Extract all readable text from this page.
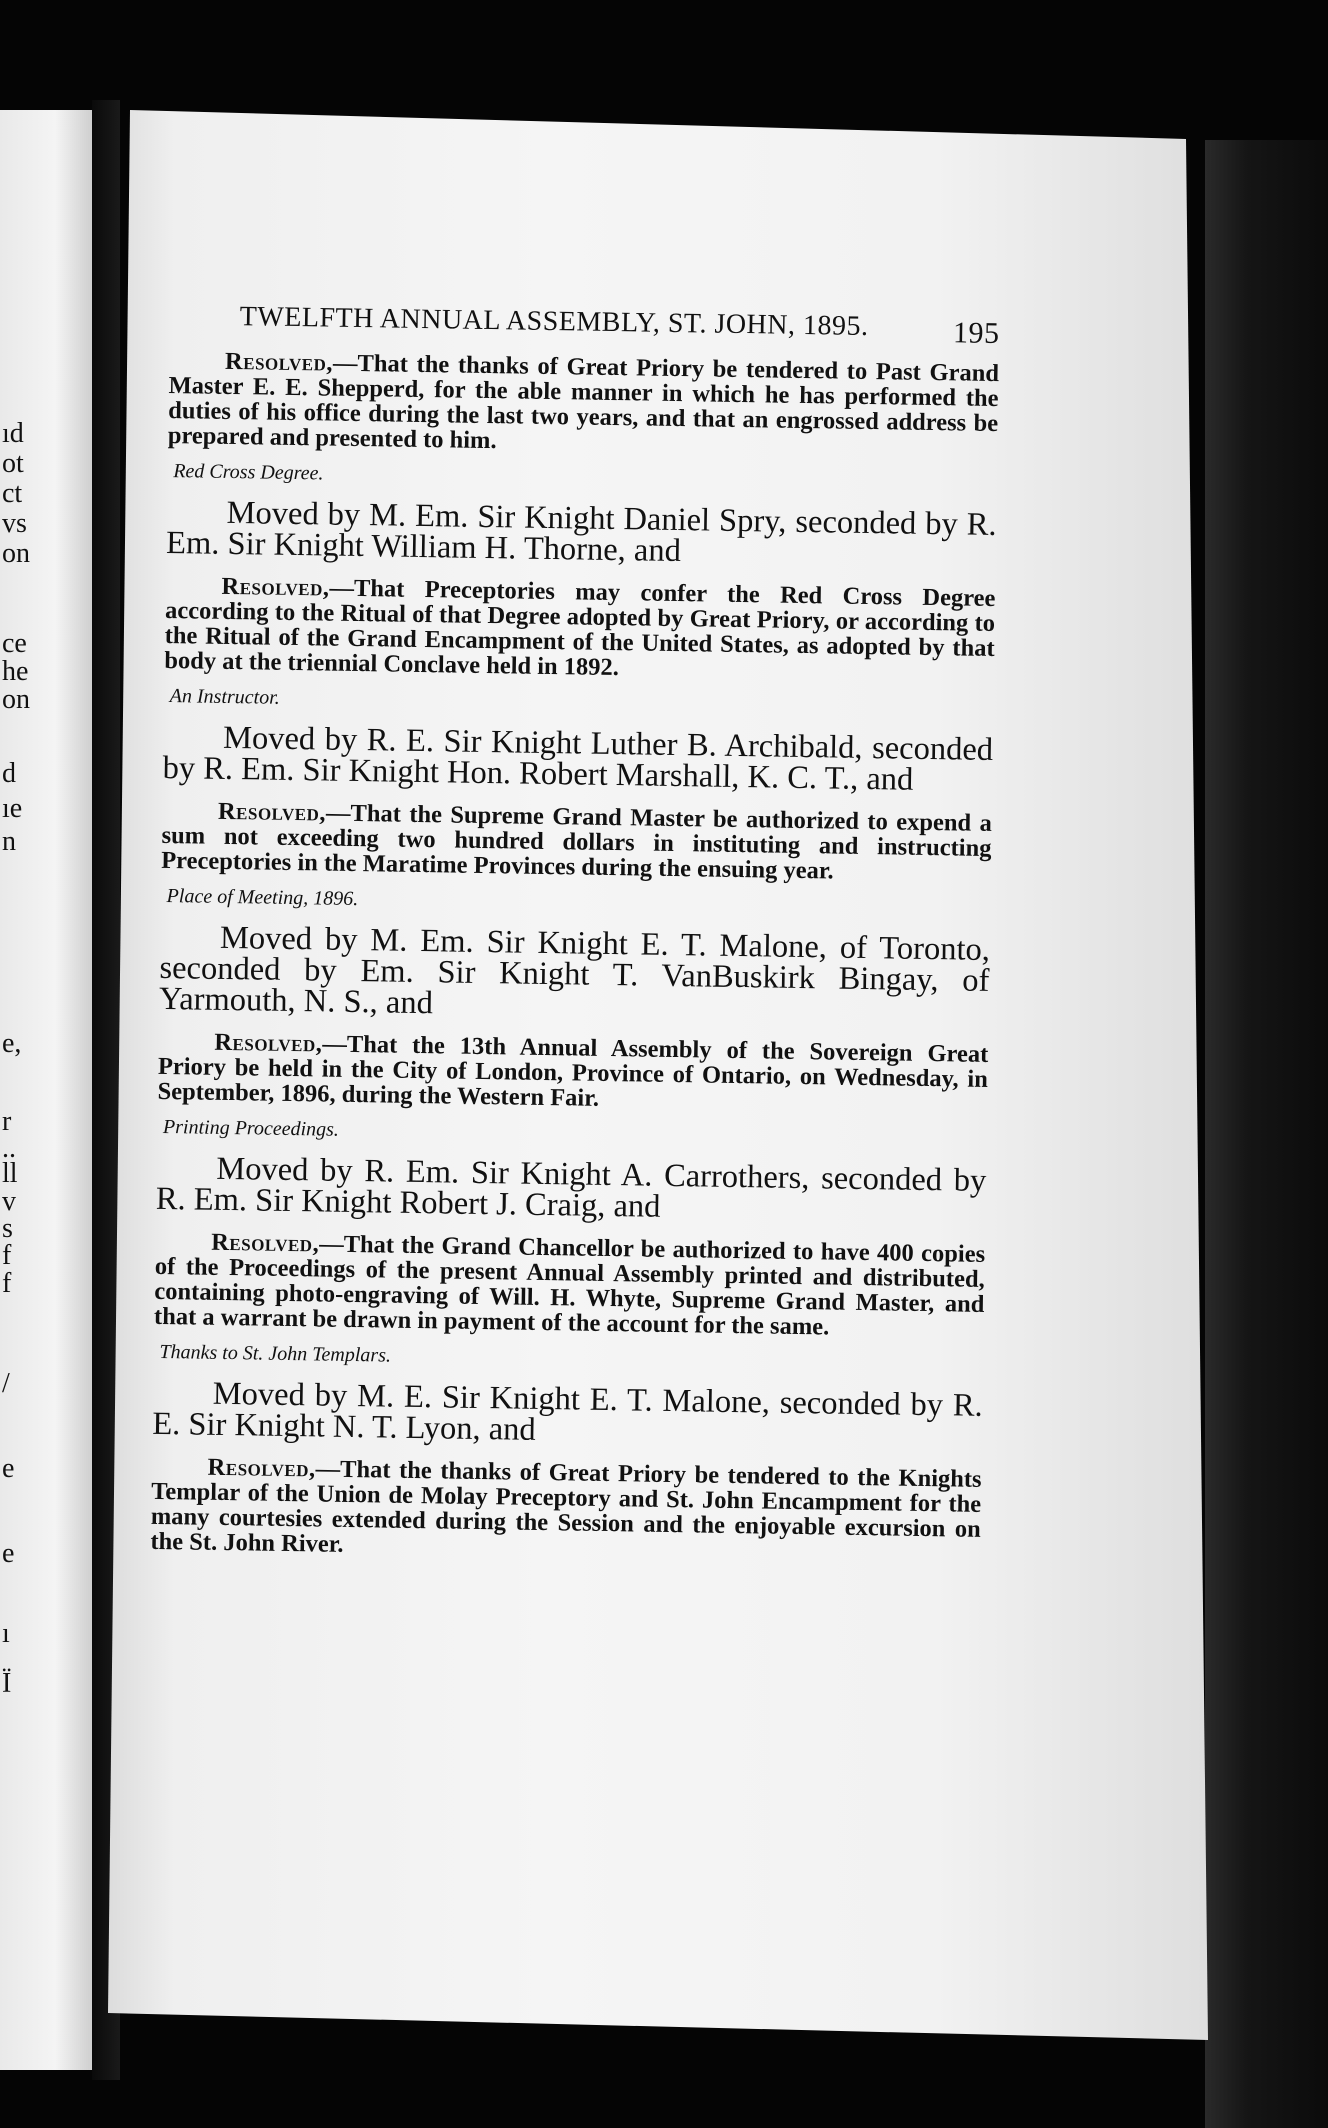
ıd
ot
ct
vs
on
ce
he
on
d
ıe
n
e,
r
..
ll
v
s
f
f
/
e
e
ı
Ϊ
TWELFTH ANNUAL ASSEMBLY, ST. JOHN, 1895.	195

Resolved,—That the thanks of Great Priory be tendered to Past Grand Master E. E. Shepperd, for the able manner in which he has performed the duties of his office during the last two years, and that an engrossed address be prepared and presented to him.

Red Cross Degree.

Moved by M. Em. Sir Knight Daniel Spry, seconded by R. Em. Sir Knight William H. Thorne, and

Resolved,—That Preceptories may confer the Red Cross Degree according to the Ritual of that Degree adopted by Great Priory, or according to the Ritual of the Grand Encampment of the United States, as adopted by that body at the triennial Conclave held in 1892.

An Instructor.

Moved by R. E. Sir Knight Luther B. Archibald, seconded by R. Em. Sir Knight Hon. Robert Marshall, K. C. T., and

Resolved,—That the Supreme Grand Master be authorized to expend a sum not exceeding two hundred dollars in instituting and instructing Preceptories in the Maratime Provinces during the ensuing year.

Place of Meeting, 1896.

Moved by M. Em. Sir Knight E. T. Malone, of Toronto, seconded by Em. Sir Knight T. VanBuskirk Bingay, of Yarmouth, N. S., and

Resolved,—That the 13th Annual Assembly of the Sovereign Great Priory be held in the City of London, Province of Ontario, on Wednesday, in September, 1896, during the Western Fair.

Printing Proceedings.

Moved by R. Em. Sir Knight A. Carrothers, seconded by R. Em. Sir Knight Robert J. Craig, and

Resolved,—That the Grand Chancellor be authorized to have 400 copies of the Proceedings of the present Annual Assembly printed and distributed, containing photo-engraving of Will. H. Whyte, Supreme Grand Master, and that a warrant be drawn in payment of the account for the same.

Thanks to St. John Templars.

Moved by M. E. Sir Knight E. T. Malone, seconded by R. E. Sir Knight N. T. Lyon, and

Resolved,—That the thanks of Great Priory be tendered to the Knights Templar of the Union de Molay Preceptory and St. John Encampment for the many courtesies extended during the Session and the enjoyable excursion on the St. John River.
